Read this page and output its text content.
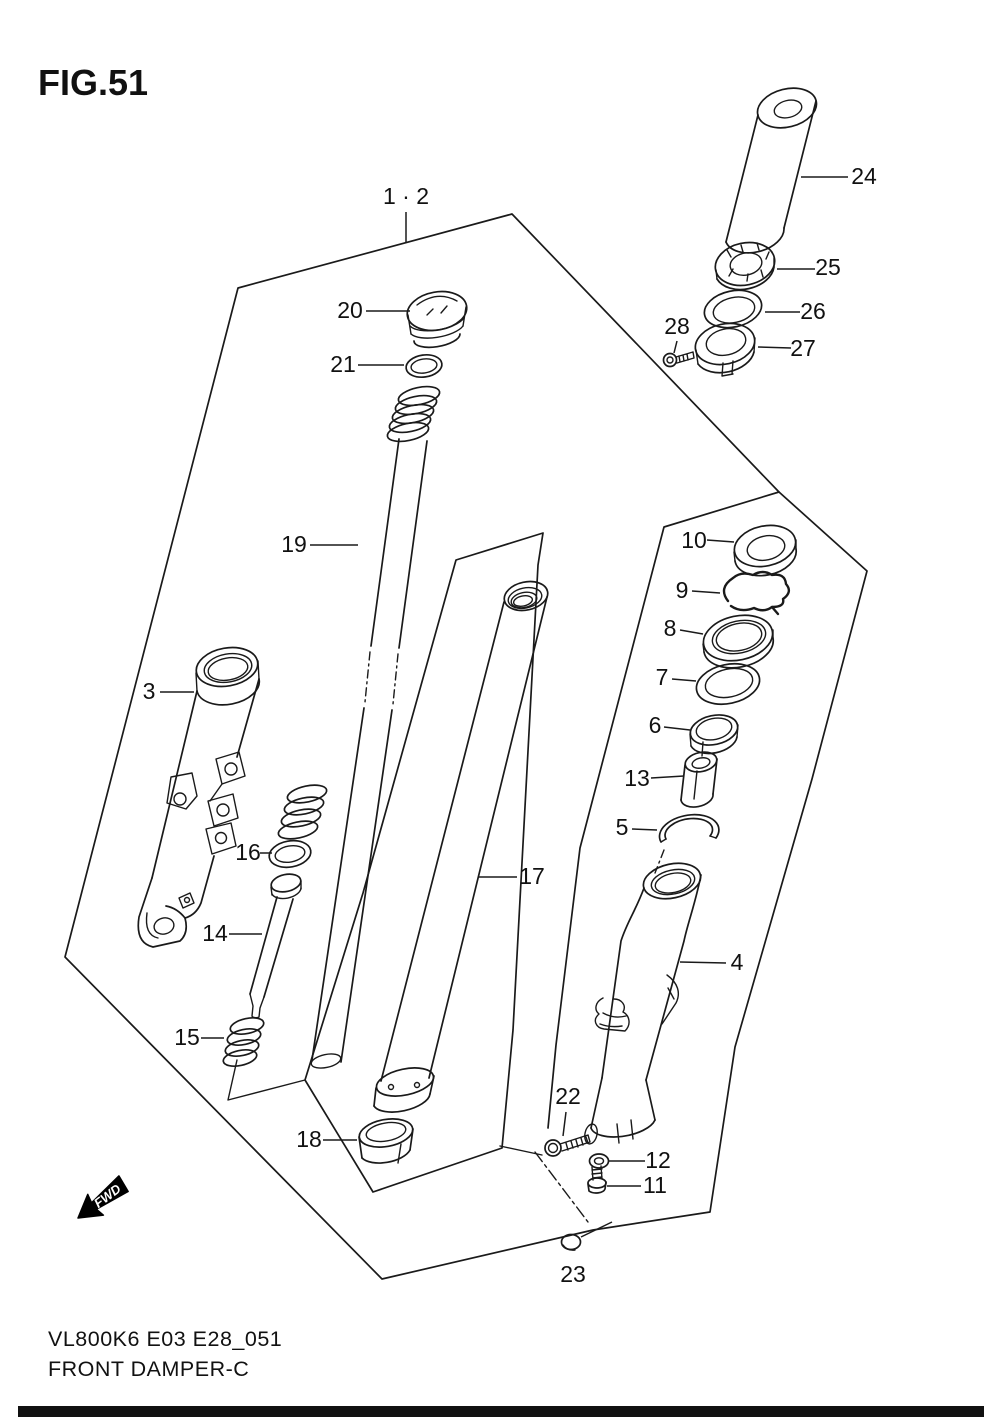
FIG.51
FWD
1 · 2
20
21
19
3
16
14
15
18
17
10
9
8
7
6
13
5
4
22
12
11
23
24
25
26
27
28
VL800K6 E03 E28_051
FRONT DAMPER-C
